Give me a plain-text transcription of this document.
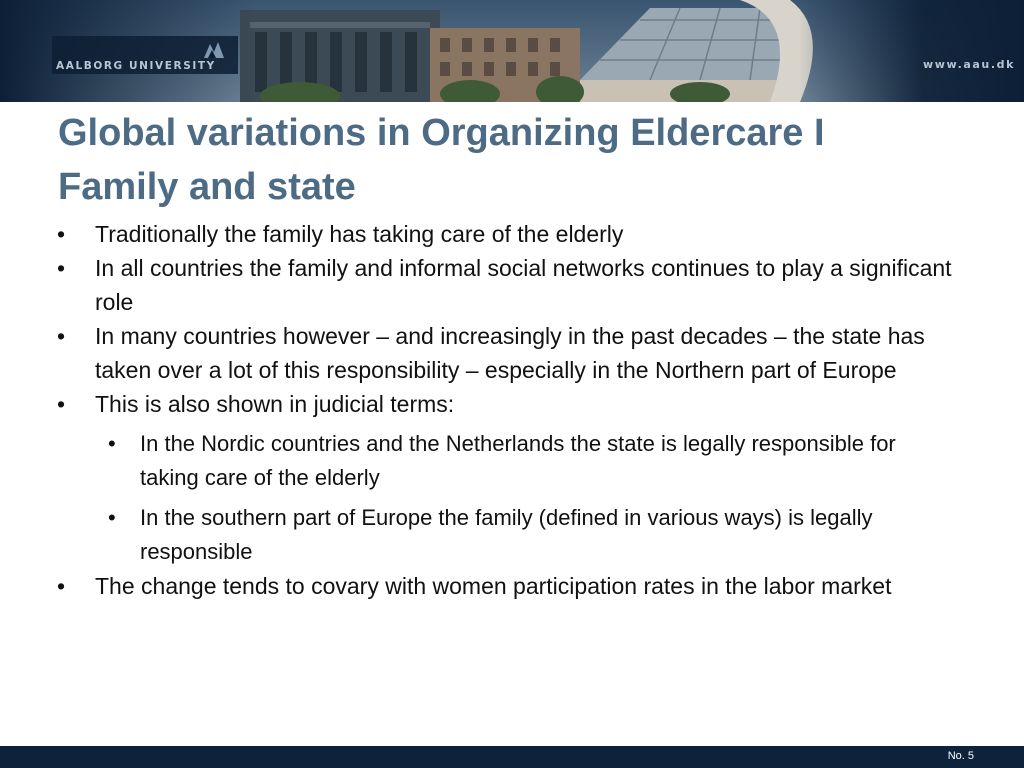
AALBORG UNIVERSITY	www.aau.dk
Global variations in Organizing Eldercare I
Family and state
• Traditionally the family has taking care of the elderly
• In all countries the family and informal social networks continues to play a significant role
• In many countries however – and increasingly in the past decades – the state has taken over a lot of this responsibility – especially in the Northern part of Europe
• This is also shown in judicial terms:
• In the Nordic countries and the Netherlands the state is legally responsible for taking care of the elderly
• In the southern part of Europe the family (defined in various ways) is legally responsible
• The change tends to covary with women participation rates in the labor market
No. 5
